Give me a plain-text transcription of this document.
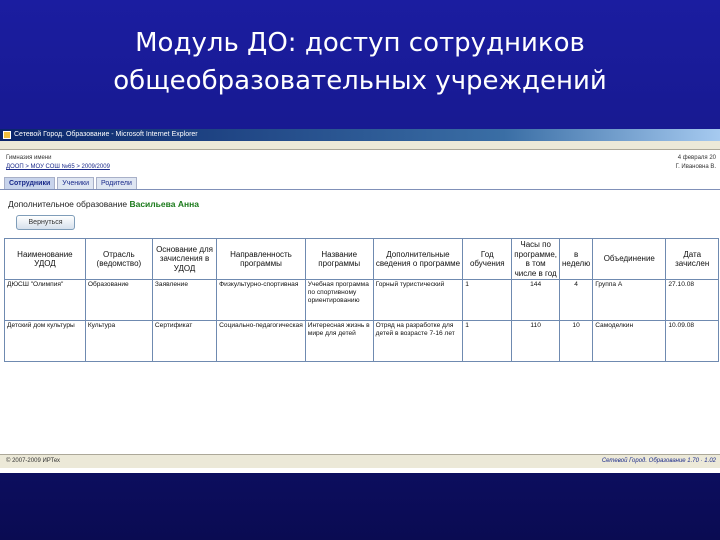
Модуль ДО: доступ сотрудников
общеобразовательных учреждений
Сетевой Город. Образование - Microsoft Internet Explorer
Гимназия имени
ДООП > МОУ СОШ №65 > 2009/2009
4 февраля 20
Г. Ивановна В.
Сотрудники	Ученики	Родители
Дополнительное образование Васильева Анна
Вернуться
Наименование УДОД	Отрасль (ведомство)	Основание для зачисления в УДОД	Направленность программы	Название программы	Дополнительные сведения о программе	Год обучения	Часы по программе, в том числе в год	в неделю	Объединение	Дата зачислен
ДЮСШ "Олимпия"	Образование	Заявление	Физкультурно-спортивная	Учебная программа по спортивному ориентированию	Горный туристический	1	144	4	Группа А	27.10.08
Детский дом культуры	Культура	Сертификат	Социально-педагогическая	Интересная жизнь в мире для детей	Отряд на разработке для детей в возрасте 7-16 лет	1	110	10	Самоделкин	10.09.08
© 2007-2009 ИРТех	Сетевой Город. Образование 1.70 · 1.02
